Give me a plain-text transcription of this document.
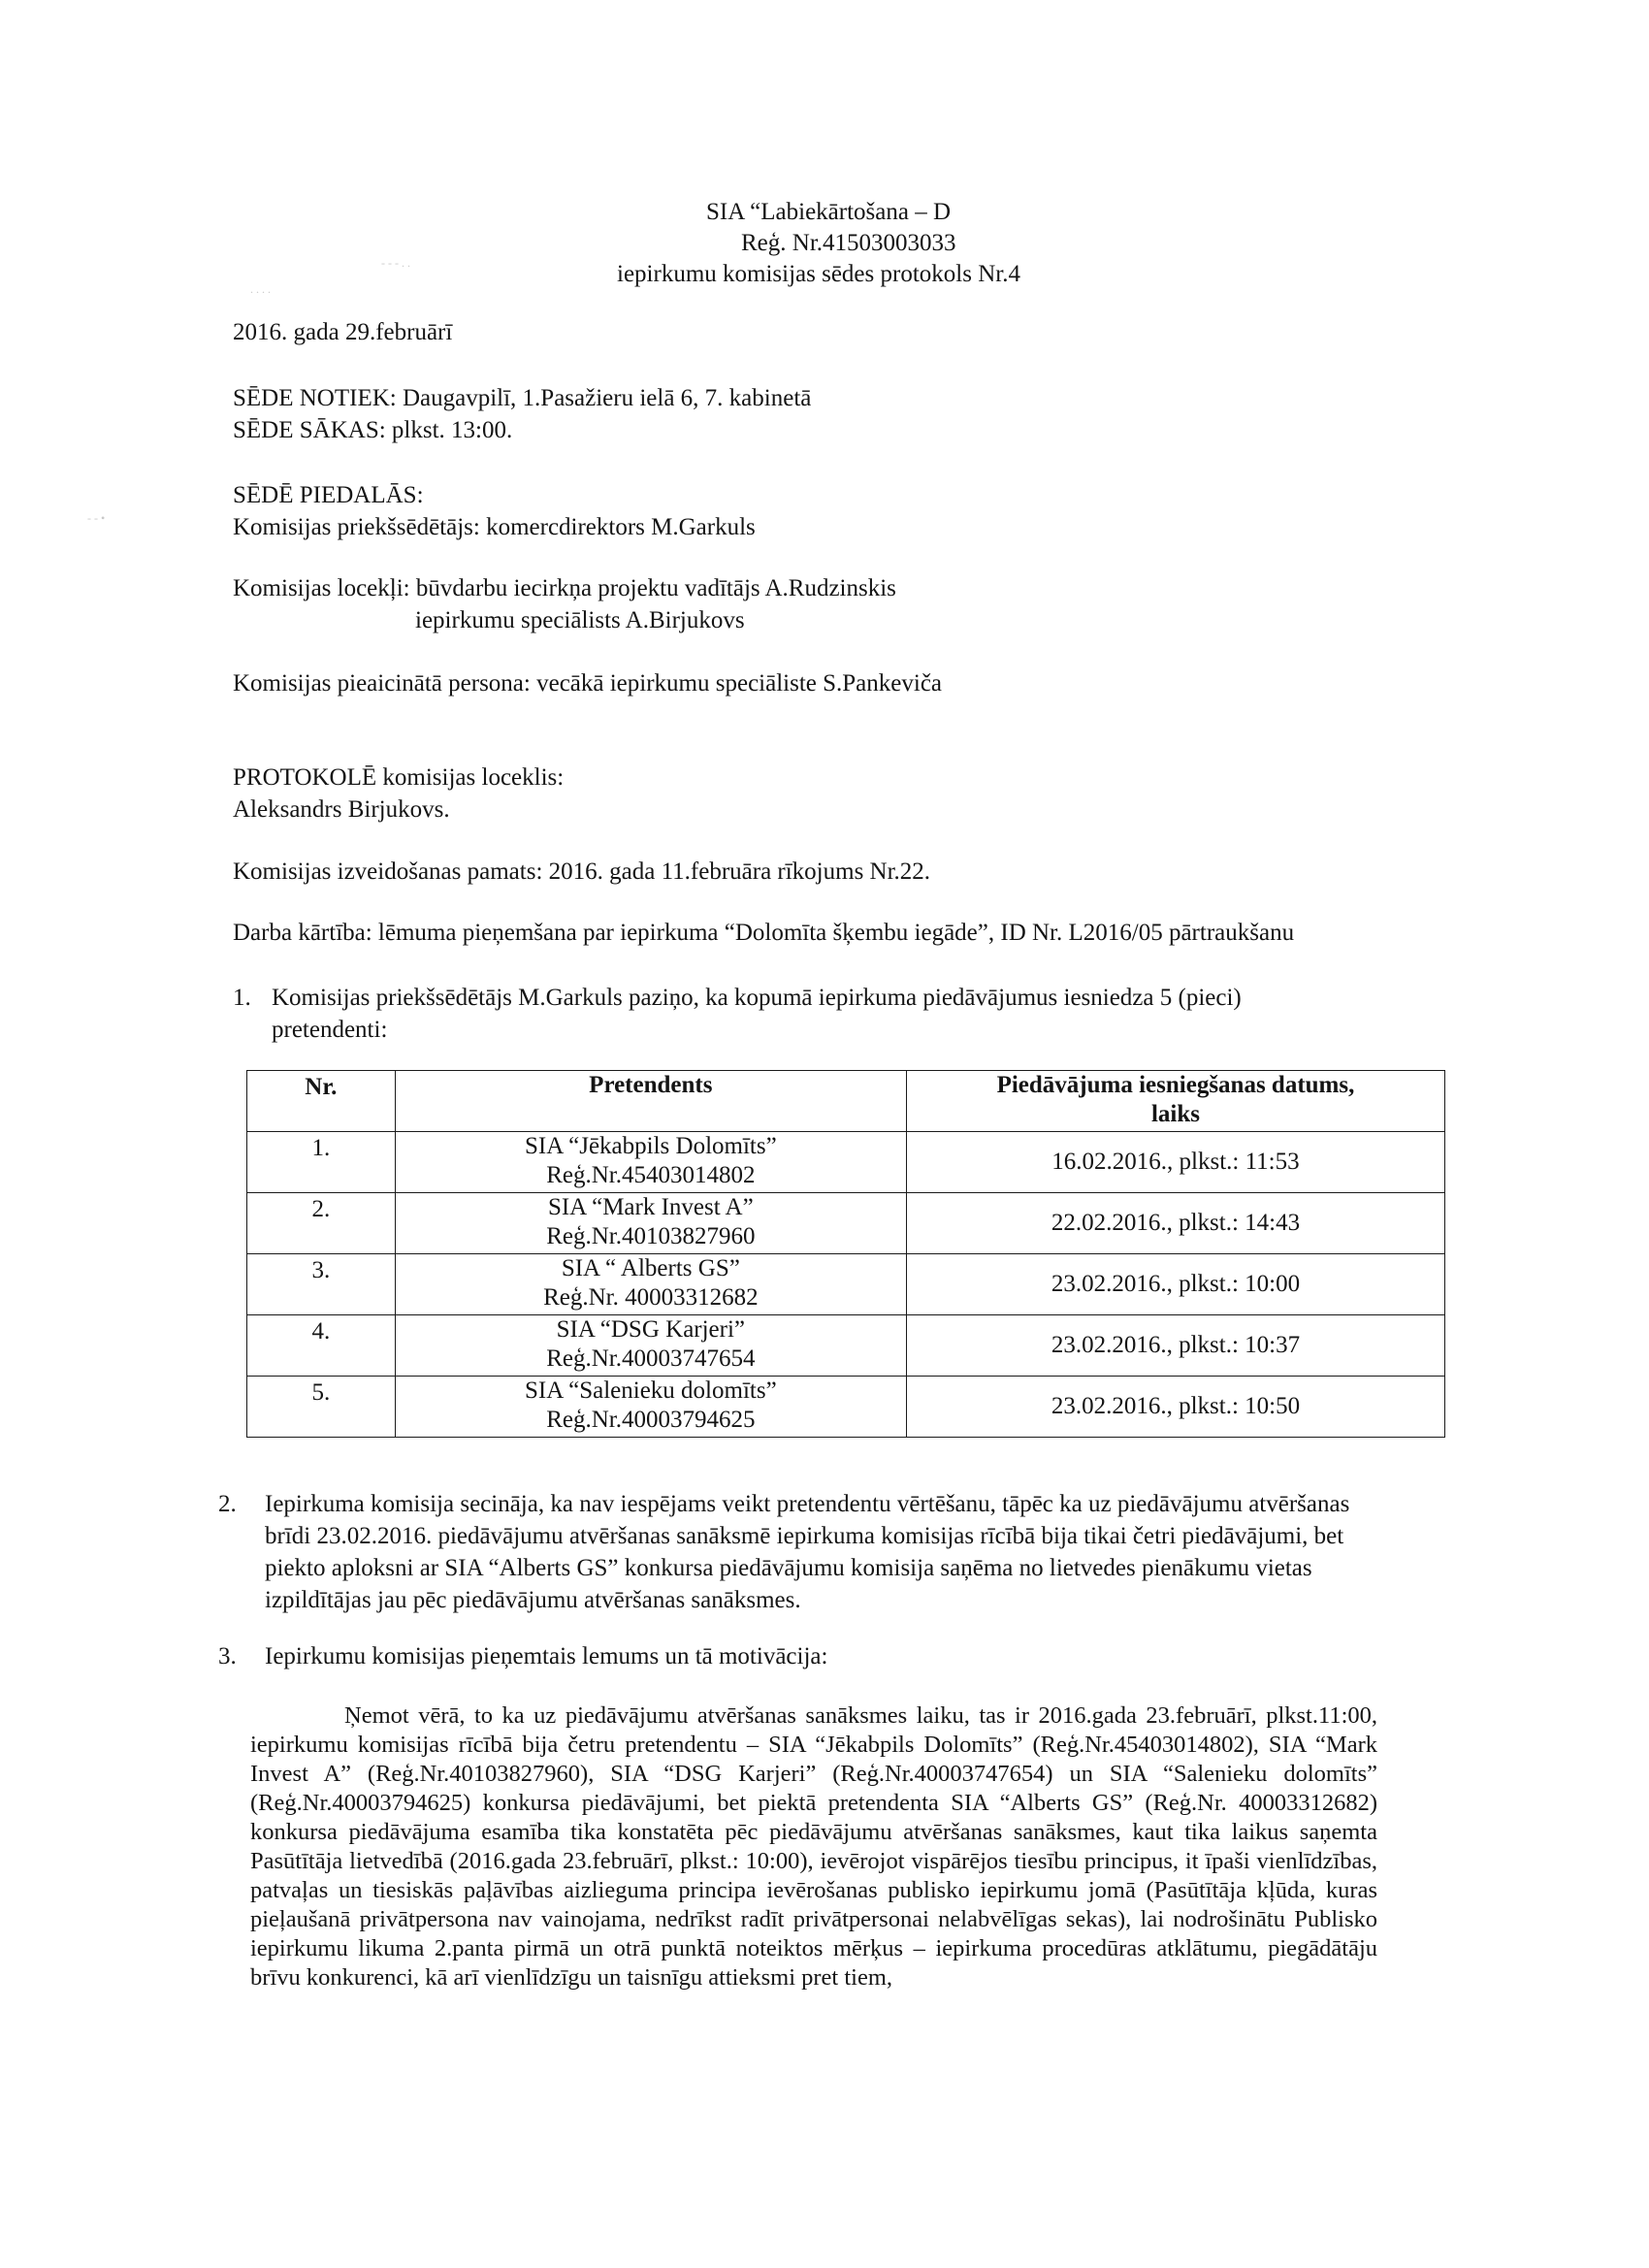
. . . .
- - - . .
- - •
SIA “Labiekārtošana – D
Reģ. Nr.41503003033
iepirkumu komisijas sēdes protokols Nr.4
2016. gada 29.februārī
SĒDE NOTIEK: Daugavpilī, 1.Pasažieru ielā 6, 7. kabinetā
SĒDE SĀKAS: plkst. 13:00.
SĒDĒ PIEDALĀS:
Komisijas priekšsēdētājs: komercdirektors M.Garkuls
Komisijas locekļi: būvdarbu iecirkņa projektu vadītājs A.Rudzinskis
iepirkumu speciālists A.Birjukovs
Komisijas pieaicinātā persona: vecākā iepirkumu speciāliste S.Pankeviča
PROTOKOLĒ komisijas loceklis:
Aleksandrs Birjukovs.
Komisijas izveidošanas pamats: 2016. gada 11.februāra rīkojums Nr.22.
Darba kārtība: lēmuma pieņemšana par iepirkuma “Dolomīta šķembu iegāde”, ID Nr. L2016/05 pārtraukšanu
1. Komisijas priekšsēdētājs M.Garkuls paziņo, ka kopumā iepirkuma piedāvājumus iesniedza 5 (pieci)
pretendenti:
Nr.	Pretendents	Piedāvājuma iesniegšanas datums,
laiks

1.	SIA “Jēkabpils Dolomīts”
Reģ.Nr.45403014802	16.02.2016., plkst.: 11:53
2.	SIA “Mark Invest A”
Reģ.Nr.40103827960	22.02.2016., plkst.: 14:43
3.	SIA “ Alberts GS”
Reģ.Nr. 40003312682	23.02.2016., plkst.: 10:00
4.	SIA “DSG Karjeri”
Reģ.Nr.40003747654	23.02.2016., plkst.: 10:37
5.	SIA “Salenieku dolomīts”
Reģ.Nr.40003794625	23.02.2016., plkst.: 10:50
2. Iepirkuma komisija secināja, ka nav iespējams veikt pretendentu vērtēšanu, tāpēc ka uz piedāvājumu atvēršanas brīdi 23.02.2016. piedāvājumu atvēršanas sanāksmē iepirkuma komisijas rīcībā bija tikai četri piedāvājumi, bet piekto aploksni ar SIA “Alberts GS” konkursa piedāvājumu komisija saņēma no lietvedes pienākumu vietas izpildītājas jau pēc piedāvājumu atvēršanas sanāksmes.
3. Iepirkumu komisijas pieņemtais lemums un tā motivācija:

Ņemot vērā, to ka uz piedāvājumu atvēršanas sanāksmes laiku, tas ir 2016.gada 23.februārī, plkst.11:00, iepirkumu komisijas rīcībā bija četru pretendentu – SIA “Jēkabpils Dolomīts” (Reģ.Nr.45403014802), SIA “Mark Invest A” (Reģ.Nr.40103827960), SIA “DSG Karjeri” (Reģ.Nr.40003747654) un SIA “Salenieku dolomīts” (Reģ.Nr.40003794625) konkursa piedāvājumi, bet piektā pretendenta SIA “Alberts GS” (Reģ.Nr. 40003312682) konkursa piedāvājuma esamība tika konstatēta pēc piedāvājumu atvēršanas sanāksmes, kaut tika laikus saņemta Pasūtītāja lietvedībā (2016.gada 23.februārī, plkst.: 10:00), ievērojot vispārējos tiesību principus, it īpaši vienlīdzības, patvaļas un tiesiskās paļāvības aizlieguma principa ievērošanas publisko iepirkumu jomā (Pasūtītāja kļūda, kuras pieļaušanā privātpersona nav vainojama, nedrīkst radīt privātpersonai nelabvēlīgas sekas), lai nodrošinātu Publisko iepirkumu likuma 2.panta pirmā un otrā punktā noteiktos mērķus – iepirkuma procedūras atklātumu, piegādātāju brīvu konkurenci, kā arī vienlīdzīgu un taisnīgu attieksmi pret tiem,
